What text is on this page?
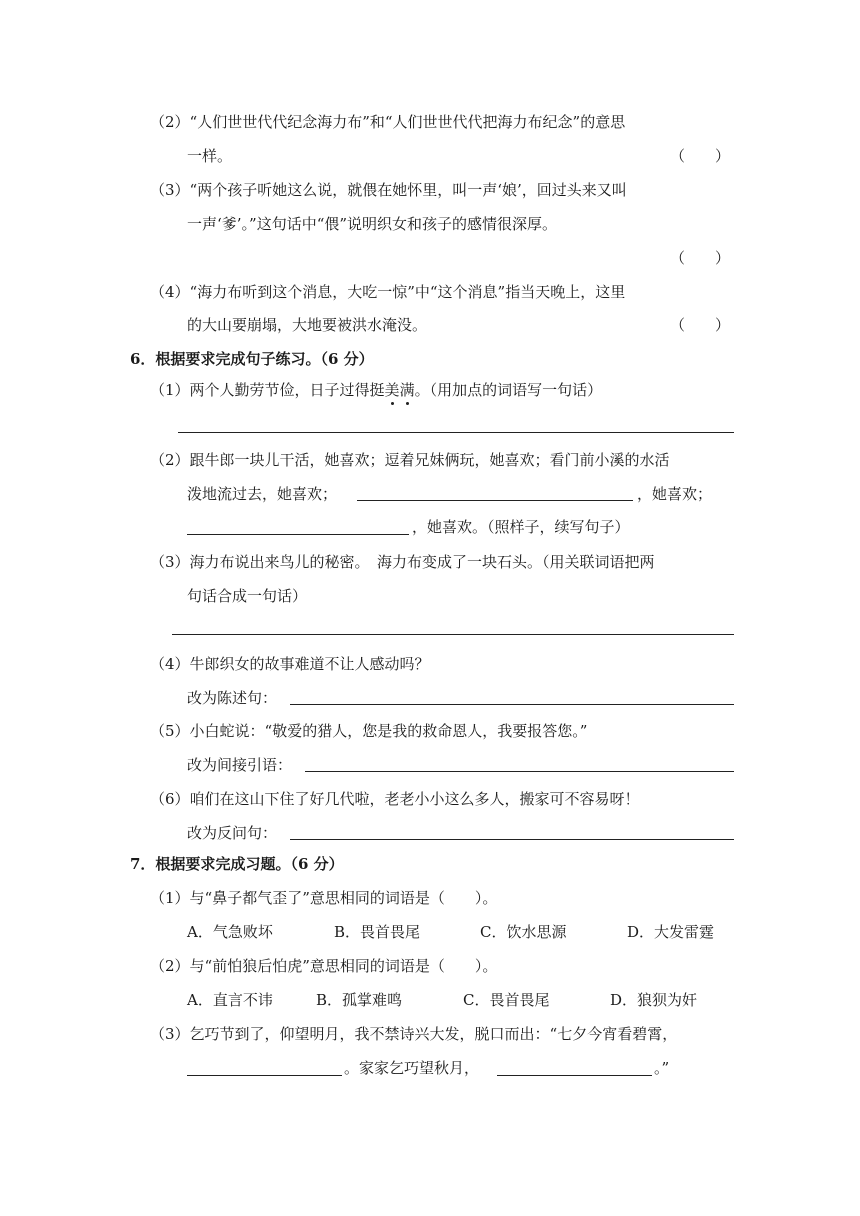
（2）“人们世世代代纪念海力布”和“人们世世代代把海力布纪念”的意思
一样。	（　　）
（3）“两个孩子听她这么说，就偎在她怀里，叫一声‘娘’，回过头来又叫
一声‘爹’。”这句话中“偎”说明织女和孩子的感情很深厚。
（　　）
（4）“海力布听到这个消息，大吃一惊”中“这个消息”指当天晚上，这里
的大山要崩塌，大地要被洪水淹没。	（　　）
6．根据要求完成句子练习。（6 分）
（1）两个人勤劳节俭，日子过得挺美满。（用加点的词语写一句话）
（2）跟牛郎一块儿干活，她喜欢；逗着兄妹俩玩，她喜欢；看门前小溪的水活
泼地流过去，她喜欢；	，她喜欢；
，她喜欢。（照样子，续写句子）
（3）海力布说出来鸟儿的秘密。　海力布变成了一块石头。（用关联词语把两
句话合成一句话）
（4）牛郎织女的故事难道不让人感动吗？
改为陈述句：
（5）小白蛇说：“敬爱的猎人，您是我的救命恩人，我要报答您。”
改为间接引语：
（6）咱们在这山下住了好几代啦，老老小小这么多人，搬家可不容易呀！
改为反问句：
7．根据要求完成习题。（6 分）
（1）与“鼻子都气歪了”意思相同的词语是（　　）。
A．气急败坏	B．畏首畏尾	C．饮水思源	D．大发雷霆
（2）与“前怕狼后怕虎”意思相同的词语是（　　）。
A．直言不讳	B．孤掌难鸣	C．畏首畏尾	D．狼狈为奸
（3）乞巧节到了，仰望明月，我不禁诗兴大发，脱口而出：“七夕今宵看碧霄，
。家家乞巧望秋月，	。”
